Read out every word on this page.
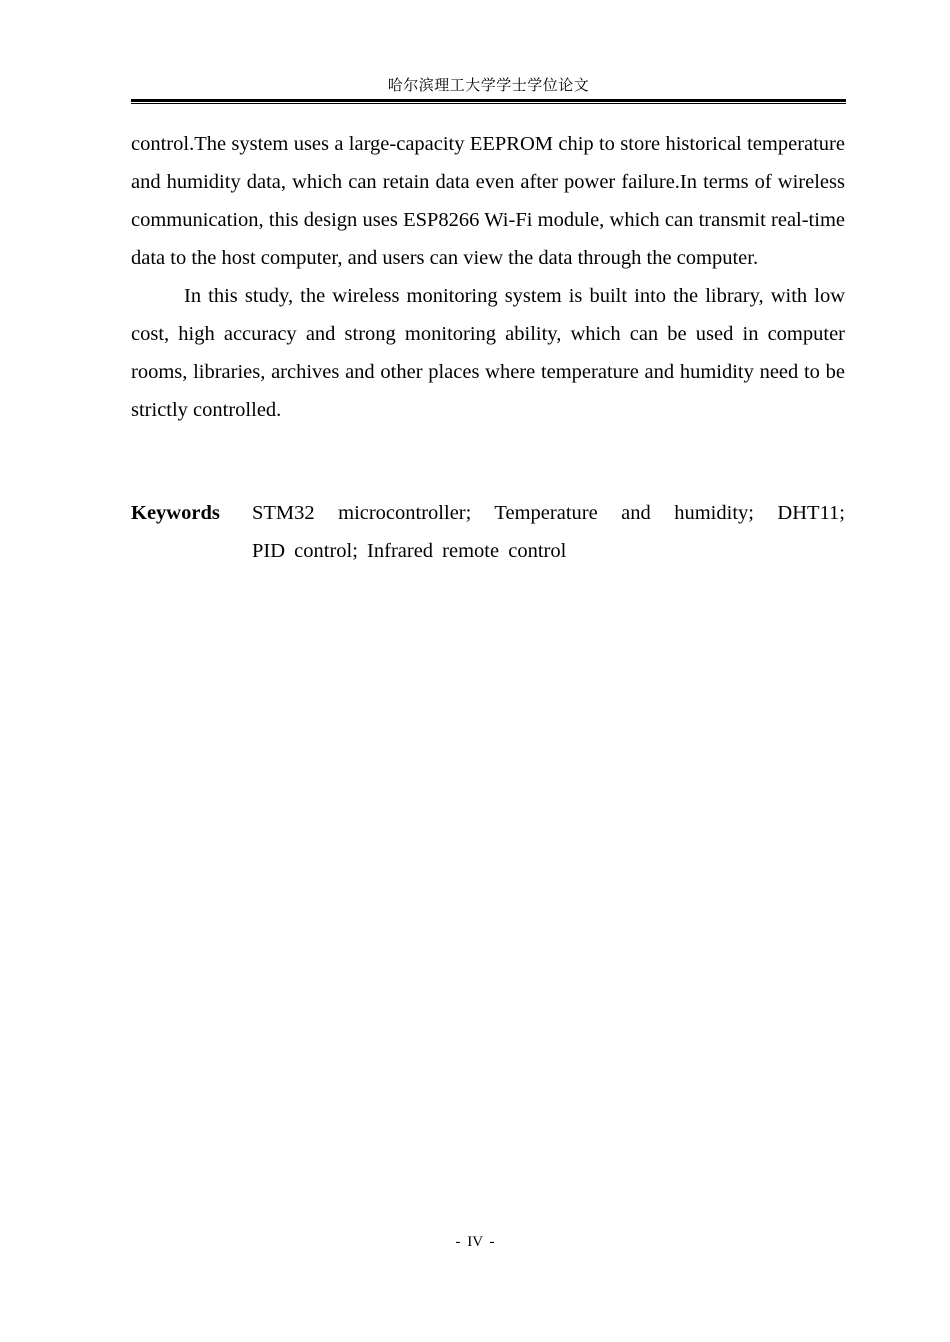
哈尔滨理工大学学士学位论文

control.The system uses a large-capacity EEPROM chip to store historical temperature and humidity data, which can retain data even after power failure.In terms of wireless communication, this design uses ESP8266 Wi-Fi module, which can transmit real-time data to the host computer, and users can view the data through the computer.

In this study, the wireless monitoring system is built into the library, with low cost, high accuracy and strong monitoring ability, which can be used in computer rooms, libraries, archives and other places where temperature and humidity need to be strictly controlled.

Keywords	STM32 microcontroller; Temperature and humidity; DHT11;
PID control; Infrared remote control
- IV -
